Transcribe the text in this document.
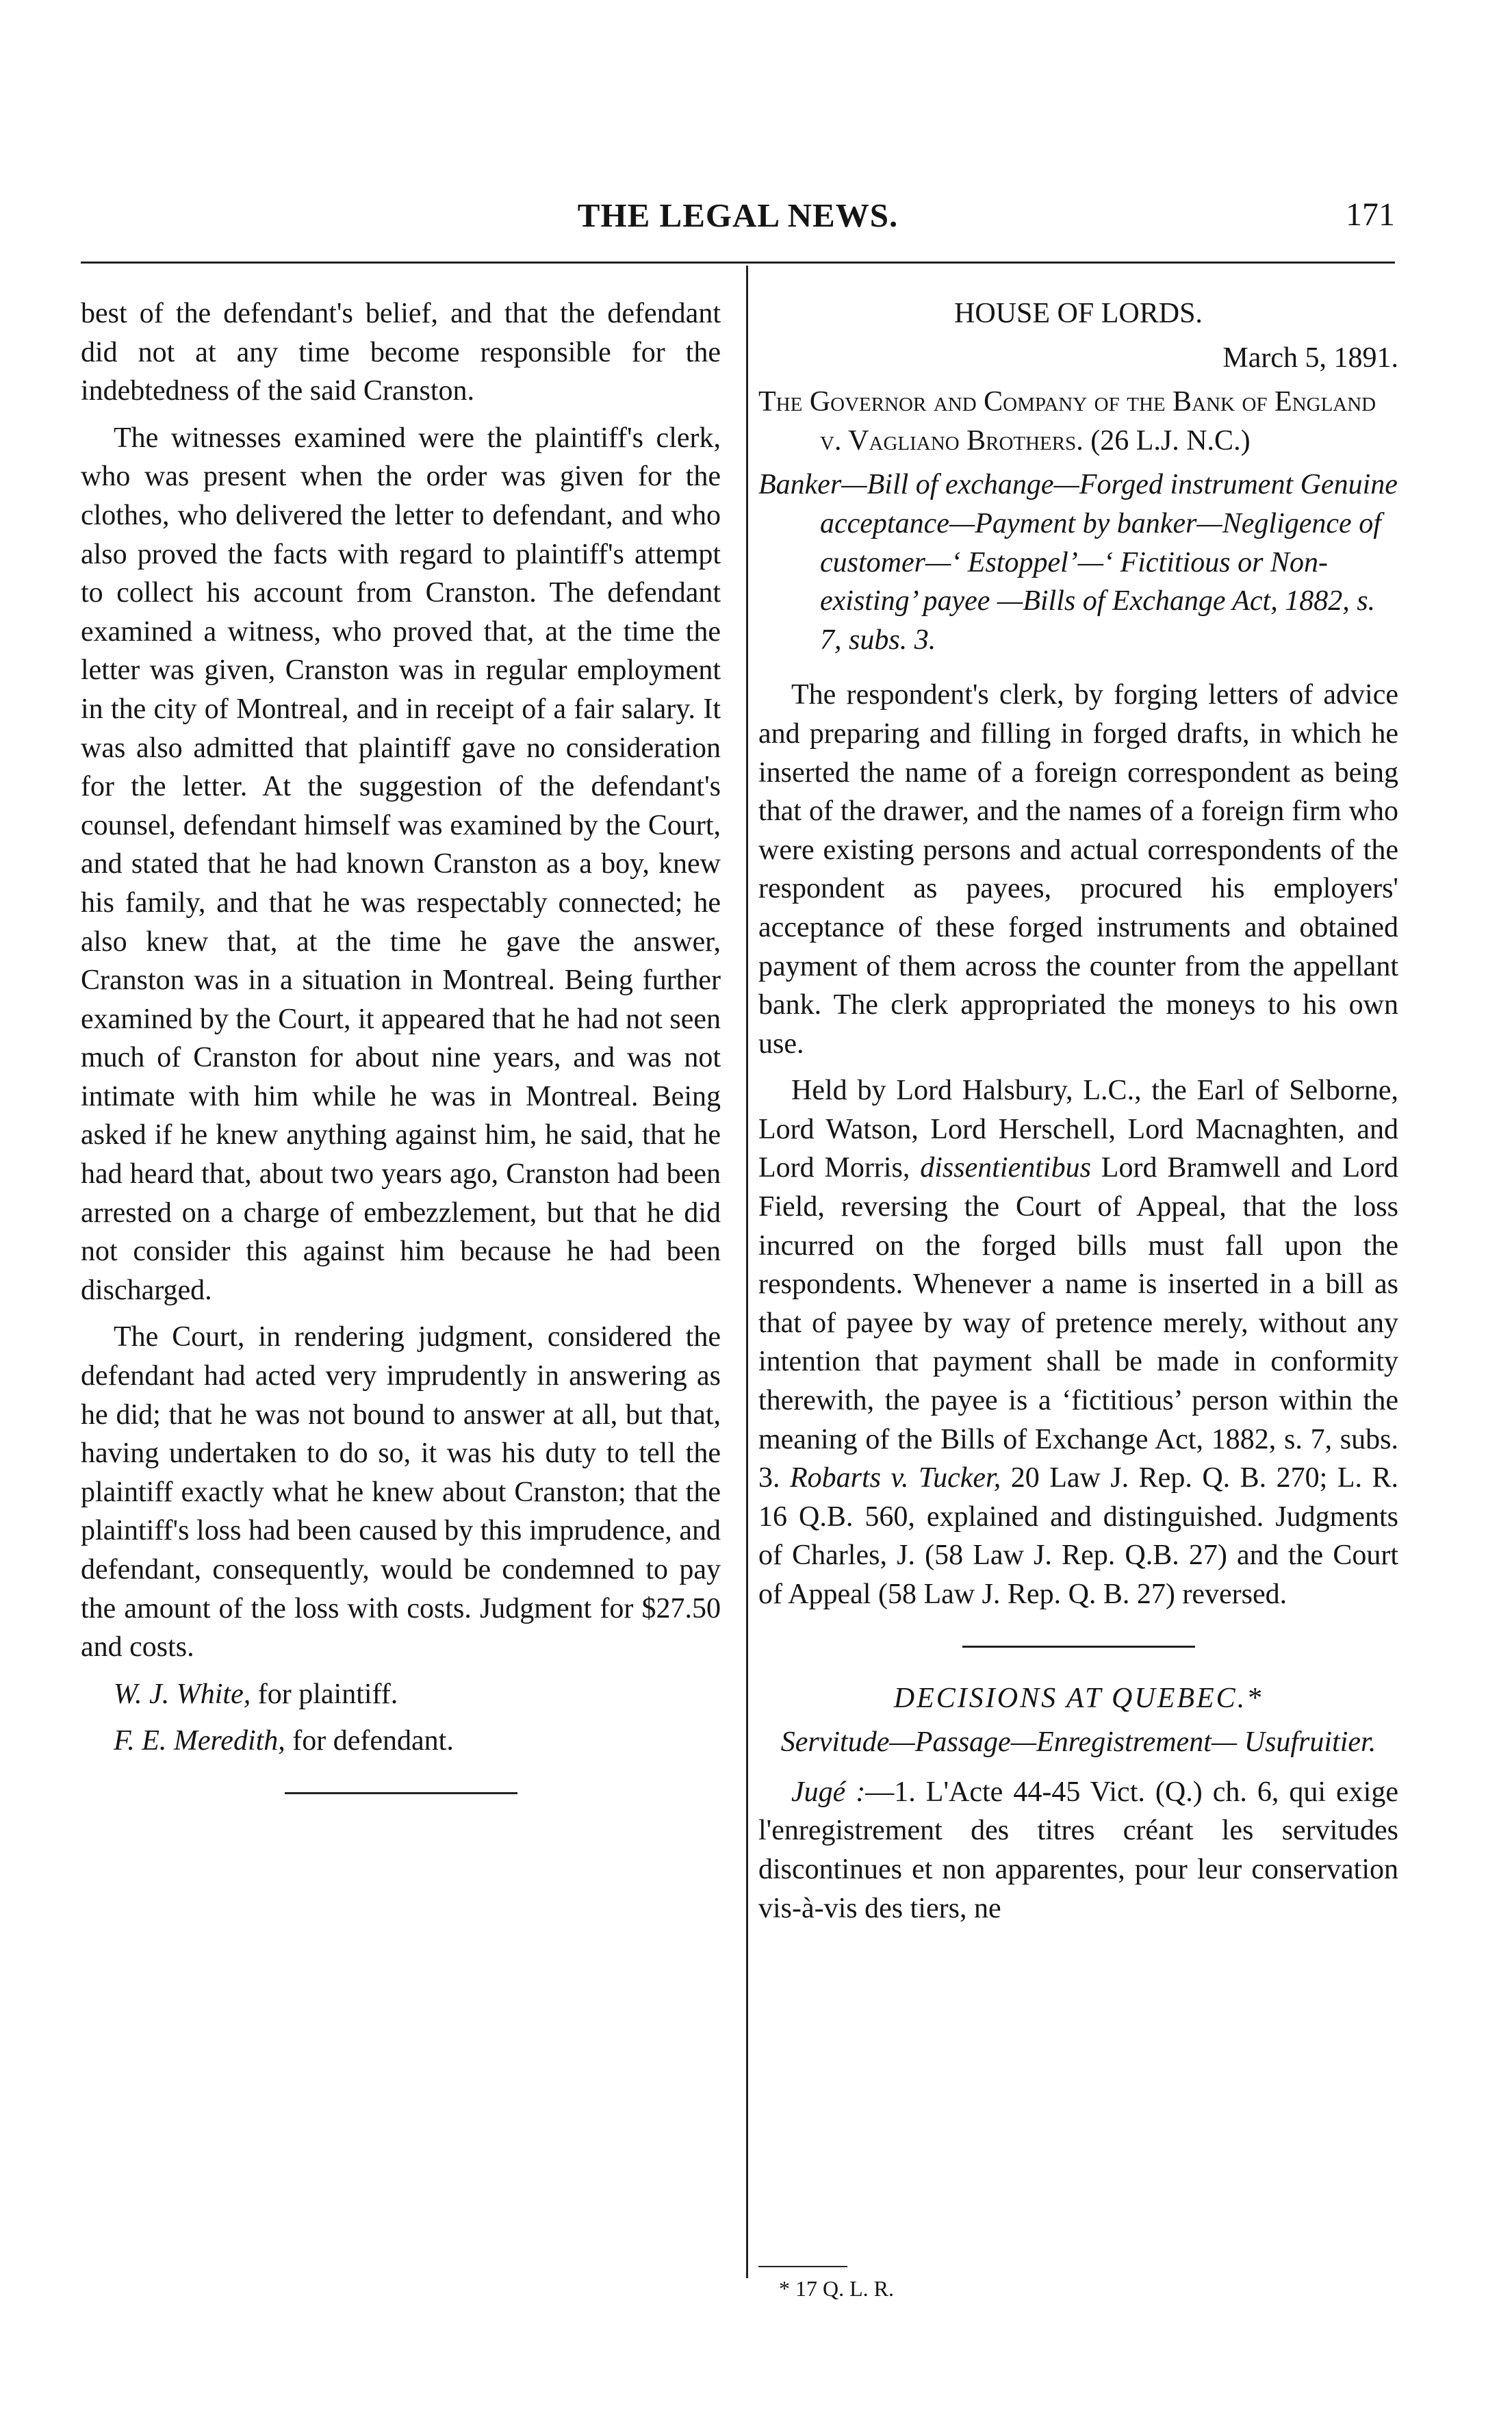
THE LEGAL NEWS.	171

best of the defendant's belief, and that the defendant did not at any time become responsible for the indebtedness of the said Cranston.

The witnesses examined were the plaintiff's clerk, who was present when the order was given for the clothes, who delivered the letter to defendant, and who also proved the facts with regard to plaintiff's attempt to collect his account from Cranston. The defendant examined a witness, who proved that, at the time the letter was given, Cranston was in regular employment in the city of Montreal, and in receipt of a fair salary. It was also admitted that plaintiff gave no consideration for the letter. At the suggestion of the defendant's counsel, defendant himself was examined by the Court, and stated that he had known Cranston as a boy, knew his family, and that he was respectably connected; he also knew that, at the time he gave the answer, Cranston was in a situation in Montreal. Being further examined by the Court, it appeared that he had not seen much of Cranston for about nine years, and was not intimate with him while he was in Montreal. Being asked if he knew anything against him, he said, that he had heard that, about two years ago, Cranston had been arrested on a charge of embezzlement, but that he did not consider this against him because he had been discharged.

The Court, in rendering judgment, considered the defendant had acted very imprudently in answering as he did; that he was not bound to answer at all, but that, having undertaken to do so, it was his duty to tell the plaintiff exactly what he knew about Cranston; that the plaintiff's loss had been caused by this imprudence, and defendant, consequently, would be condemned to pay the amount of the loss with costs. Judgment for $27.50 and costs.

W. J. White, for plaintiff.

F. E. Meredith, for defendant.

HOUSE OF LORDS.
March 5, 1891.
The Governor and Company of the Bank of England v. Vagliano Brothers. (26 L.J. N.C.)
Banker—Bill of exchange—Forged instrument Genuine acceptance—Payment by banker—Negligence of customer—‘ Estoppel’—‘ Fictitious or Non-existing’ payee —Bills of Exchange Act, 1882, s. 7, subs. 3.

The respondent's clerk, by forging letters of advice and preparing and filling in forged drafts, in which he inserted the name of a foreign correspondent as being that of the drawer, and the names of a foreign firm who were existing persons and actual correspondents of the respondent as payees, procured his employers' acceptance of these forged instruments and obtained payment of them across the counter from the appellant bank. The clerk appropriated the moneys to his own use.

Held by Lord Halsbury, L.C., the Earl of Selborne, Lord Watson, Lord Herschell, Lord Macnaghten, and Lord Morris, dissentientibus Lord Bramwell and Lord Field, reversing the Court of Appeal, that the loss incurred on the forged bills must fall upon the respondents. Whenever a name is inserted in a bill as that of payee by way of pretence merely, without any intention that payment shall be made in conformity therewith, the payee is a ‘fictitious’ person within the meaning of the Bills of Exchange Act, 1882, s. 7, subs. 3. Robarts v. Tucker, 20 Law J. Rep. Q. B. 270; L. R. 16 Q.B. 560, explained and distinguished. Judgments of Charles, J. (58 Law J. Rep. Q.B. 27) and the Court of Appeal (58 Law J. Rep. Q. B. 27) reversed.

DECISIONS AT QUEBEC.*
Servitude—Passage—Enregistrement— Usufruitier.

Jugé :—1. L'Acte 44-45 Vict. (Q.) ch. 6, qui exige l'enregistrement des titres créant les servitudes discontinues et non apparentes, pour leur conservation vis-à-vis des tiers, ne

* 17 Q. L. R.
